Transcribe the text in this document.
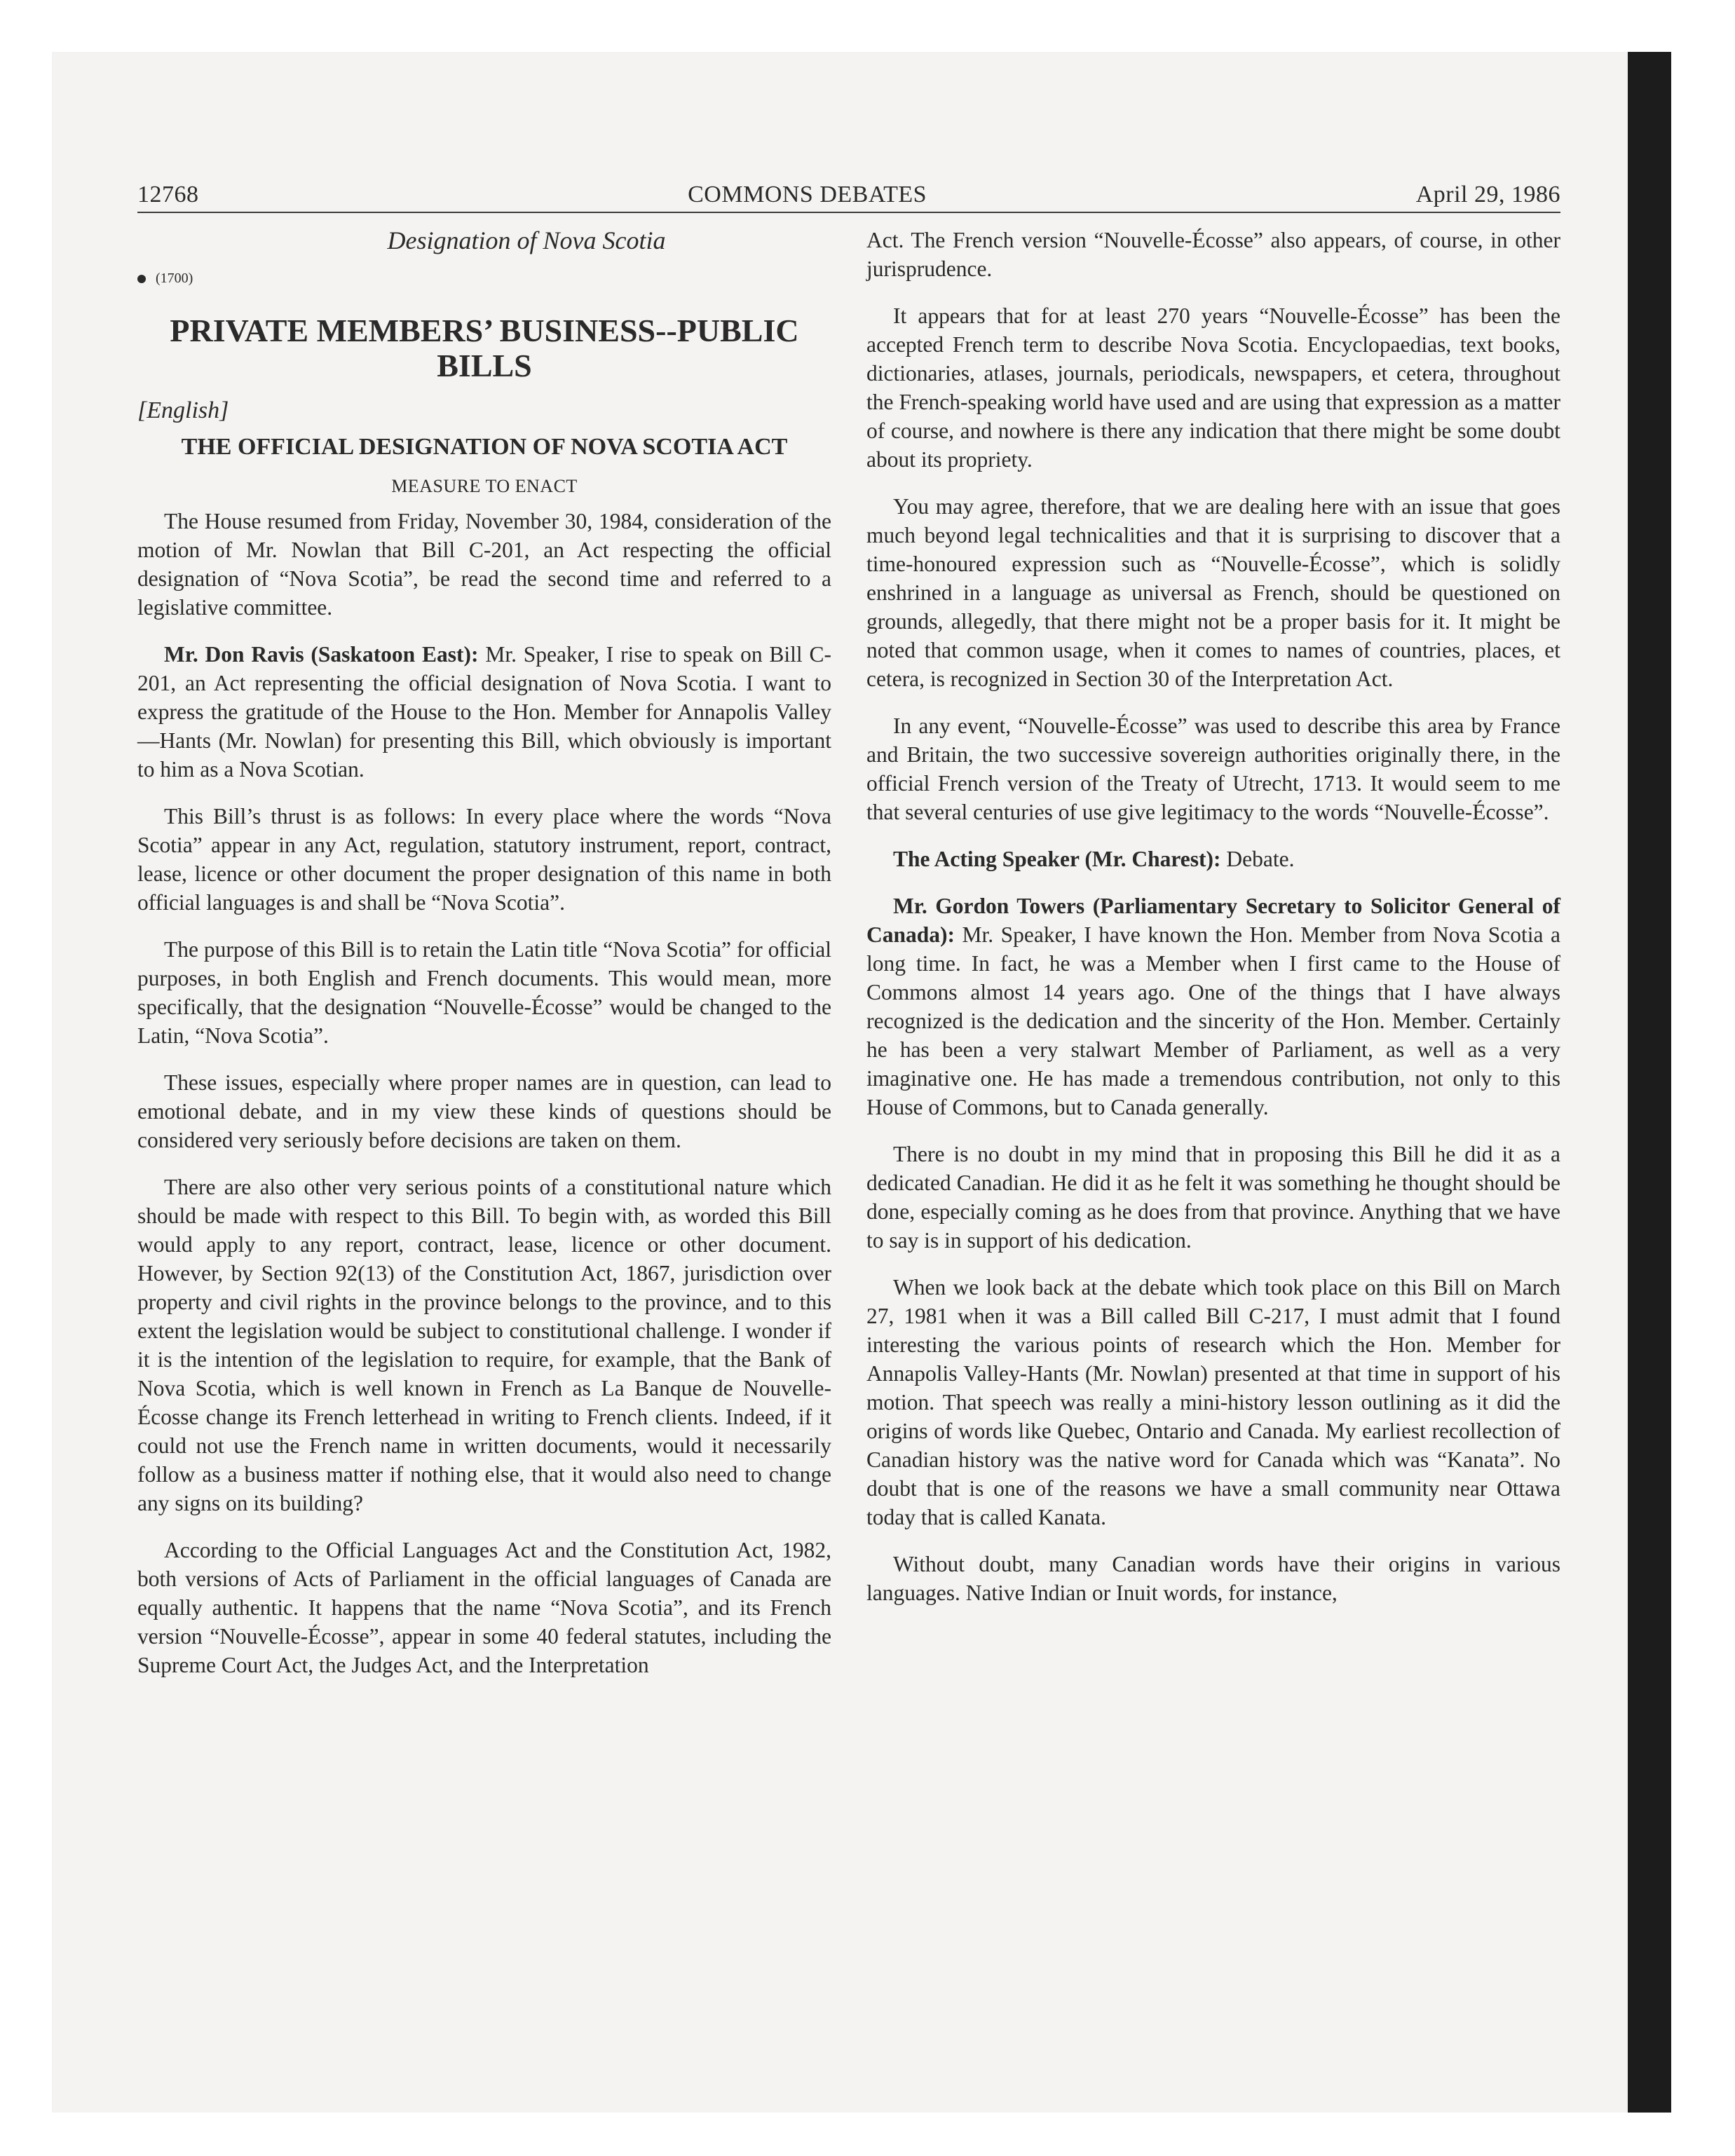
12768	COMMONS DEBATES	April 29, 1986
Designation of Nova Scotia
(1700)
PRIVATE MEMBERS’ BUSINESS--PUBLIC BILLS
[English]
THE OFFICIAL DESIGNATION OF NOVA SCOTIA ACT
MEASURE TO ENACT

The House resumed from Friday, November 30, 1984, consideration of the motion of Mr. Nowlan that Bill C-201, an Act respecting the official designation of “Nova Scotia”, be read the second time and referred to a legislative committee.

Mr. Don Ravis (Saskatoon East): Mr. Speaker, I rise to speak on Bill C-201, an Act representing the official designation of Nova Scotia. I want to express the gratitude of the House to the Hon. Member for Annapolis Valley—Hants (Mr. Nowlan) for presenting this Bill, which obviously is important to him as a Nova Scotian.

This Bill’s thrust is as follows: In every place where the words “Nova Scotia” appear in any Act, regulation, statutory instrument, report, contract, lease, licence or other document the proper designation of this name in both official languages is and shall be “Nova Scotia”.

The purpose of this Bill is to retain the Latin title “Nova Scotia” for official purposes, in both English and French documents. This would mean, more specifically, that the designation “Nouvelle-Écosse” would be changed to the Latin, “Nova Scotia”.

These issues, especially where proper names are in question, can lead to emotional debate, and in my view these kinds of questions should be considered very seriously before decisions are taken on them.

There are also other very serious points of a constitutional nature which should be made with respect to this Bill. To begin with, as worded this Bill would apply to any report, contract, lease, licence or other document. However, by Section 92(13) of the Constitution Act, 1867, jurisdiction over property and civil rights in the province belongs to the province, and to this extent the legislation would be subject to constitutional challenge. I wonder if it is the intention of the legislation to require, for example, that the Bank of Nova Scotia, which is well known in French as La Banque de Nouvelle-Écosse change its French letterhead in writing to French clients. Indeed, if it could not use the French name in written documents, would it necessarily follow as a business matter if nothing else, that it would also need to change any signs on its building?

According to the Official Languages Act and the Constitution Act, 1982, both versions of Acts of Parliament in the official languages of Canada are equally authentic. It happens that the name “Nova Scotia”, and its French version “Nouvelle-Écosse”, appear in some 40 federal statutes, including the Supreme Court Act, the Judges Act, and the Interpretation

Act. The French version “Nouvelle-Écosse” also appears, of course, in other jurisprudence.

It appears that for at least 270 years “Nouvelle-Écosse” has been the accepted French term to describe Nova Scotia. Encyclopaedias, text books, dictionaries, atlases, journals, periodicals, newspapers, et cetera, throughout the French-speaking world have used and are using that expression as a matter of course, and nowhere is there any indication that there might be some doubt about its propriety.

You may agree, therefore, that we are dealing here with an issue that goes much beyond legal technicalities and that it is surprising to discover that a time-honoured expression such as “Nouvelle-Écosse”, which is solidly enshrined in a language as universal as French, should be questioned on grounds, allegedly, that there might not be a proper basis for it. It might be noted that common usage, when it comes to names of countries, places, et cetera, is recognized in Section 30 of the Interpretation Act.

In any event, “Nouvelle-Écosse” was used to describe this area by France and Britain, the two successive sovereign authorities originally there, in the official French version of the Treaty of Utrecht, 1713. It would seem to me that several centuries of use give legitimacy to the words “Nouvelle-Écosse”.

The Acting Speaker (Mr. Charest): Debate.

Mr. Gordon Towers (Parliamentary Secretary to Solicitor General of Canada): Mr. Speaker, I have known the Hon. Member from Nova Scotia a long time. In fact, he was a Member when I first came to the House of Commons almost 14 years ago. One of the things that I have always recognized is the dedication and the sincerity of the Hon. Member. Certainly he has been a very stalwart Member of Parliament, as well as a very imaginative one. He has made a tremendous contribution, not only to this House of Commons, but to Canada generally.

There is no doubt in my mind that in proposing this Bill he did it as a dedicated Canadian. He did it as he felt it was something he thought should be done, especially coming as he does from that province. Anything that we have to say is in support of his dedication.

When we look back at the debate which took place on this Bill on March 27, 1981 when it was a Bill called Bill C-217, I must admit that I found interesting the various points of research which the Hon. Member for Annapolis Valley-Hants (Mr. Nowlan) presented at that time in support of his motion. That speech was really a mini-history lesson outlining as it did the origins of words like Quebec, Ontario and Canada. My earliest recollection of Canadian history was the native word for Canada which was “Kanata”. No doubt that is one of the reasons we have a small community near Ottawa today that is called Kanata.

Without doubt, many Canadian words have their origins in various languages. Native Indian or Inuit words, for instance,
